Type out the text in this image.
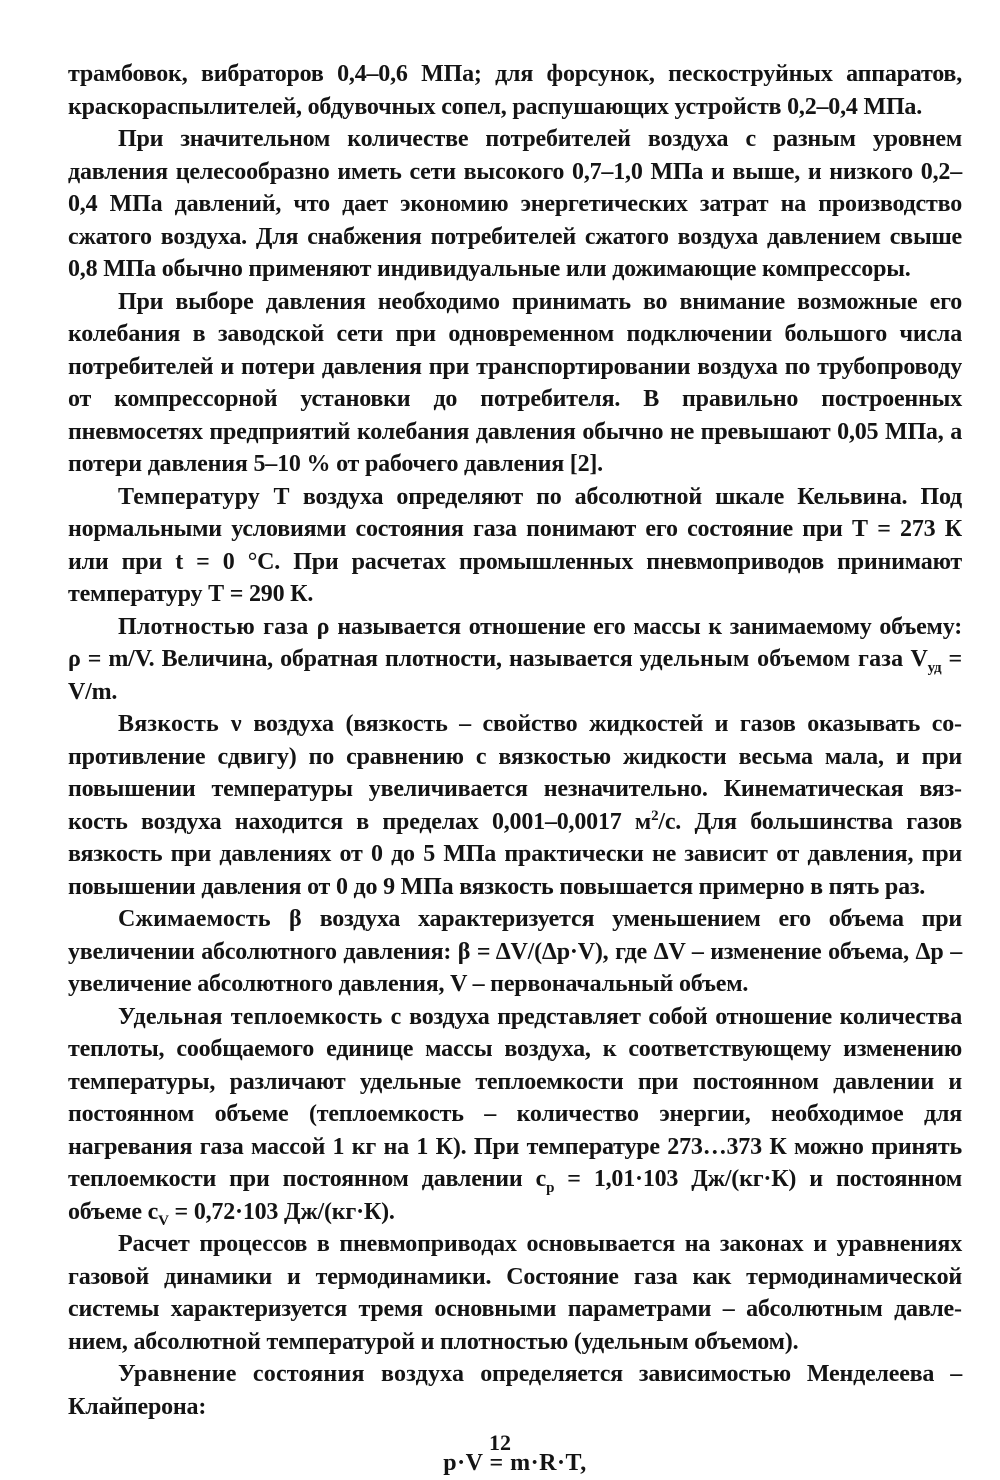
трамбовок, вибраторов 0,4–0,6 МПа; для форсунок, пескоструйных аппаратов, краскораспылителей, обдувочных сопел, распушающих устройств 0,2–0,4 МПа.

При значительном количестве потребителей воздуха с разным уровнем давления целесообразно иметь сети высокого 0,7–1,0 МПа и выше, и низкого 0,2–0,4 МПа давлений, что дает экономию энергетических затрат на производство сжатого воздуха. Для снабжения потребителей сжатого воздуха давлением свыше 0,8 МПа обычно применяют индивидуальные или дожимающие компрессоры.

При выборе давления необходимо принимать во внимание возможные его колебания в заводской сети при одновременном подключении большого числа потребителей и потери давления при транспортировании воздуха по трубопроводу от компрессорной установки до потребителя. В правильно построенных пневмосетях предприятий колебания давления обычно не превышают 0,05 МПа, а потери давления 5–10 % от рабочего давления [2].

Температуру Т воздуха определяют по абсолютной шкале Кельвина. Под нормальными условиями состояния газа понимают его состояние при Т = 273 К или при t = 0 °С. При расчетах промышленных пневмоприводов принимают температуру Т = 290 К.

Плотностью газа ρ называется отношение его массы к занимаемому объему: ρ = m/V. Величина, обратная плотности, называется удельным объемом газа $V_{уд} = V/m$.

Вязкость ν воздуха (вязкость – свойство жидкостей и газов оказывать сопротивление сдвигу) по сравнению с вязкостью жидкости весьма мала, и при повышении температуры увеличивается незначительно. Кинематическая вязкость воздуха находится в пределах 0,001–0,0017 $м^2/с$. Для большинства газов вязкость при давлениях от 0 до 5 МПа практически не зависит от давления, при повышении давления от 0 до 9 МПа вязкость повышается примерно в пять раз.

Сжимаемость β воздуха характеризуется уменьшением его объема при увеличении абсолютного давления: β = ΔV/(Δp·V), где ΔV – изменение объема, Δp – увеличение абсолютного давления, V – первоначальный объем.

Удельная теплоемкость с воздуха представляет собой отношение количества теплоты, сообщаемого единице массы воздуха, к соответствующему изменению температуры, различают удельные теплоемкости при постоянном давлении и постоянном объеме (теплоемкость – количество энергии, необходимое для нагревания газа массой 1 кг на 1 К). При температуре 273…373 К можно принять теплоемкости при постоянном давлении $c_p = 1,01\cdot 103$ Дж/(кг·К) и постоянном объеме $c_V = 0,72\cdot 103$ Дж/(кг·К).

Расчет процессов в пневмоприводах основывается на законах и уравнениях газовой динамики и термодинамики. Состояние газа как термодинамической системы характеризуется тремя основными параметрами – абсолютным давлением, абсолютной температурой и плотностью (удельным объемом).

Уравнение состояния воздуха определяется зависимостью Менделеева – Клайперона:

p·V = m·R·T,

12
